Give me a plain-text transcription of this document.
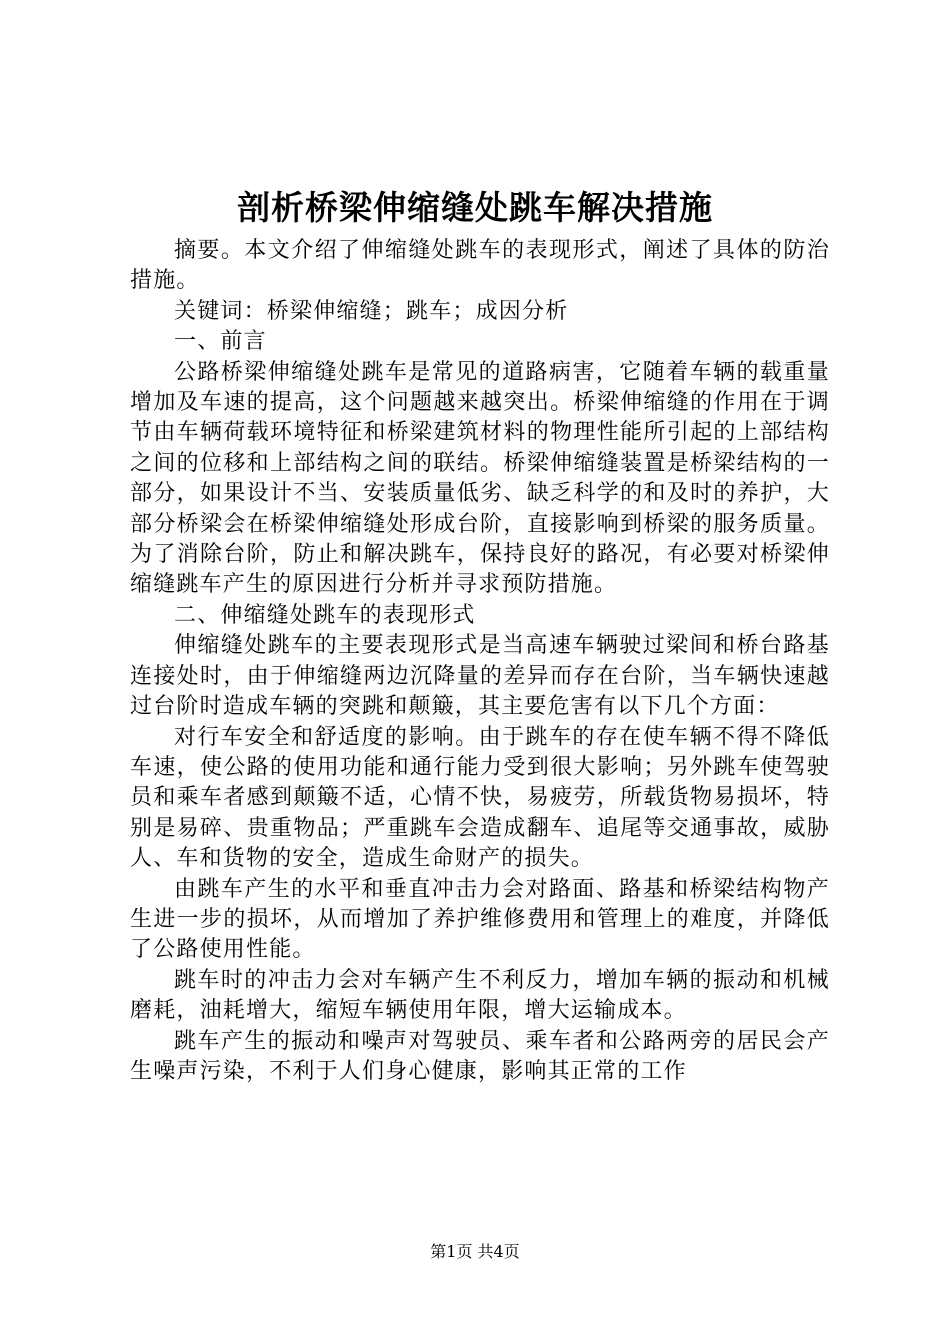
剖析桥梁伸缩缝处跳车解决措施

摘要。本文介绍了伸缩缝处跳车的表现形式，阐述了具体的防治措施。

关键词：桥梁伸缩缝；跳车；成因分析

一、前言

公路桥梁伸缩缝处跳车是常见的道路病害，它随着车辆的载重量增加及车速的提高，这个问题越来越突出。桥梁伸缩缝的作用在于调节由车辆荷载环境特征和桥梁建筑材料的物理性能所引起的上部结构之间的位移和上部结构之间的联结。桥梁伸缩缝装置是桥梁结构的一部分，如果设计不当、安装质量低劣、缺乏科学的和及时的养护，大部分桥梁会在桥梁伸缩缝处形成台阶，直接影响到桥梁的服务质量。为了消除台阶，防止和解决跳车，保持良好的路况，有必要对桥梁伸缩缝跳车产生的原因进行分析并寻求预防措施。

二、伸缩缝处跳车的表现形式

伸缩缝处跳车的主要表现形式是当高速车辆驶过梁间和桥台路基连接处时，由于伸缩缝两边沉降量的差异而存在台阶，当车辆快速越过台阶时造成车辆的突跳和颠簸，其主要危害有以下几个方面：

对行车安全和舒适度的影响。由于跳车的存在使车辆不得不降低车速，使公路的使用功能和通行能力受到很大影响；另外跳车使驾驶员和乘车者感到颠簸不适，心情不快，易疲劳，所载货物易损坏，特别是易碎、贵重物品；严重跳车会造成翻车、追尾等交通事故，威胁人、车和货物的安全，造成生命财产的损失。

由跳车产生的水平和垂直冲击力会对路面、路基和桥梁结构物产生进一步的损坏，从而增加了养护维修费用和管理上的难度，并降低了公路使用性能。

跳车时的冲击力会对车辆产生不利反力，增加车辆的振动和机械磨耗，油耗增大，缩短车辆使用年限，增大运输成本。

跳车产生的振动和噪声对驾驶员、乘车者和公路两旁的居民会产生噪声污染，不利于人们身心健康，影响其正常的工作

第1页 共4页
